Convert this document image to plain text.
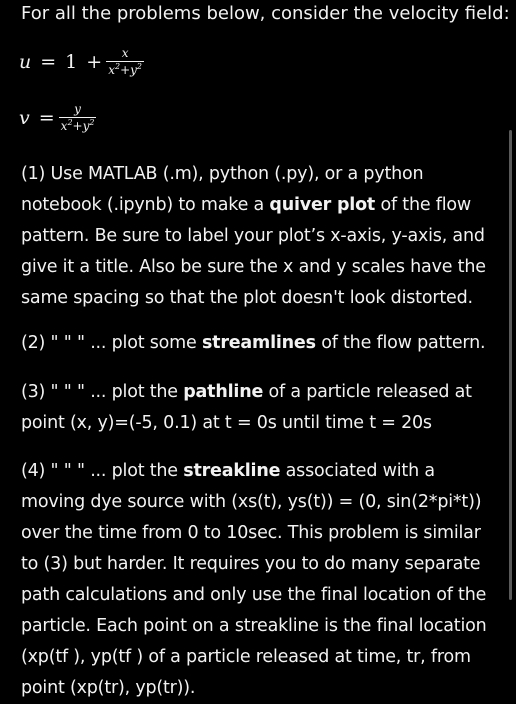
For all the problems below, consider the velocity field:
$u = 1 + \frac{x}{x^2+y^2}$
$v = \frac{y}{x^2+y^2}$
(1) Use MATLAB (.m), python (.py), or a python notebook (.ipynb) to make a quiver plot of the flow pattern. Be sure to label your plot’s x-axis, y-axis, and give it a title. Also be sure the x and y scales have the same spacing so that the plot doesn't look distorted.
(2) " " " ... plot some streamlines of the flow pattern.
(3) " " " ... plot the pathline of a particle released at point (x, y)=(-5, 0.1) at t = 0s until time t = 20s
(4) " " " ... plot the streakline associated with a moving dye source with (xs(t), ys(t)) = (0, sin(2*pi*t)) over the time from 0 to 10sec. This problem is similar to (3) but harder. It requires you to do many separate path calculations and only use the final location of the particle. Each point on a streakline is the final location (xp(tf ), yp(tf ) of a particle released at time, tr, from point (xp(tr), yp(tr)).
